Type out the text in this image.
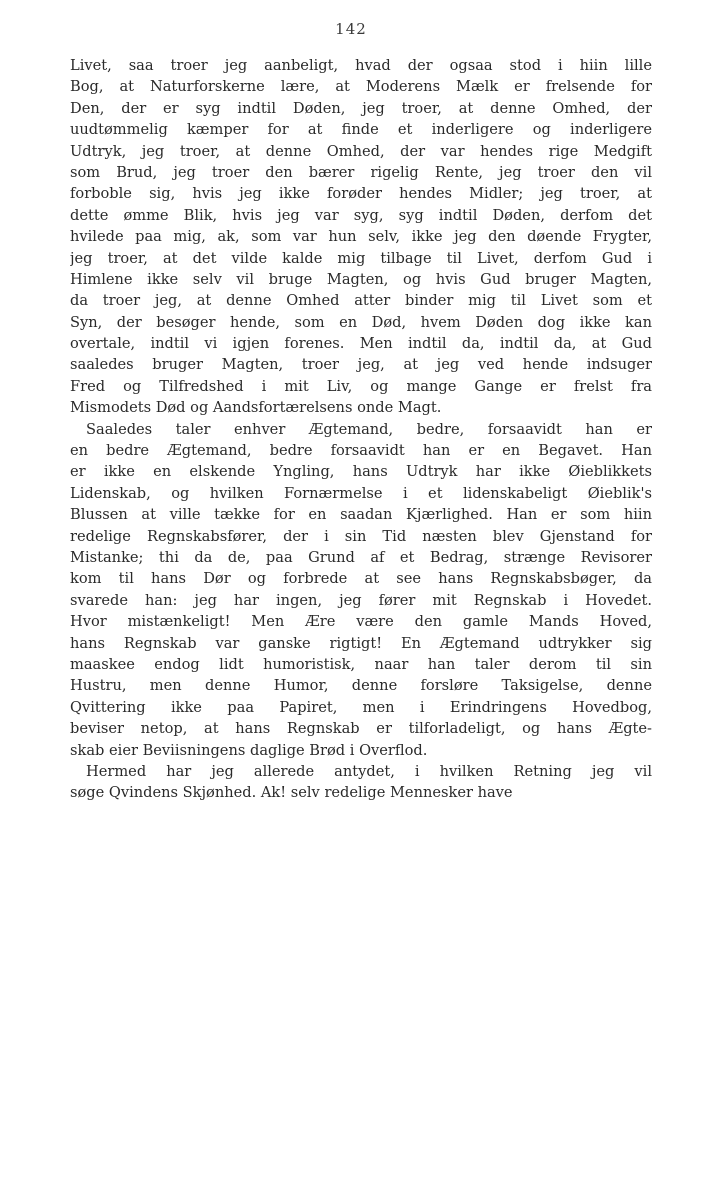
142
Livet, saa troer jeg aanbeligt, hvad der ogsaa stod i hiin lille
Bog, at Naturforskerne lære, at Moderens Mælk er frelsende for
Den, der er syg indtil Døden, jeg troer, at denne Omhed, der
uudtømmelig kæmper for at finde et inderligere og inderligere
Udtryk, jeg troer, at denne Omhed, der var hendes rige Medgift
som Brud, jeg troer den bærer rigelig Rente, jeg troer den vil
forboble sig, hvis jeg ikke forøder hendes Midler; jeg troer, at
dette ømme Blik, hvis jeg var syg, syg indtil Døden, derfom det
hvilede paa mig, ak, som var hun selv, ikke jeg den døende Frygter,
jeg troer, at det vilde kalde mig tilbage til Livet, derfom Gud i
Himlene ikke selv vil bruge Magten, og hvis Gud bruger Magten,
da troer jeg, at denne Omhed atter binder mig til Livet som et
Syn, der besøger hende, som en Død, hvem Døden dog ikke kan
overtale, indtil vi igjen forenes. Men indtil da, indtil da, at Gud
saaledes bruger Magten, troer jeg, at jeg ved hende indsuger
Fred og Tilfredshed i mit Liv, og mange Gange er frelst fra
Mismodets Død og Aandsfortærelsens onde Magt.
Saaledes taler enhver Ægtemand, bedre, forsaavidt han er
en bedre Ægtemand, bedre forsaavidt han er en Begavet. Han
er ikke en elskende Yngling, hans Udtryk har ikke Øieblikkets
Lidenskab, og hvilken Fornærmelse i et lidenskabeligt Øieblik's
Blussen at ville tække for en saadan Kjærlighed. Han er som hiin
redelige Regnskabsfører, der i sin Tid næsten blev Gjenstand for
Mistanke; thi da de, paa Grund af et Bedrag, strænge Revisorer
kom til hans Dør og forbrede at see hans Regnskabsbøger, da
svarede han: jeg har ingen, jeg fører mit Regnskab i Hovedet.
Hvor mistænkeligt! Men Ære være den gamle Mands Hoved,
hans Regnskab var ganske rigtigt! En Ægtemand udtrykker sig
maaskee endog lidt humoristisk, naar han taler derom til sin
Hustru, men denne Humor, denne forsløre Taksigelse, denne
Qvittering ikke paa Papiret, men i Erindringens Hovedbog,
beviser netop, at hans Regnskab er tilforladeligt, og hans Ægte-
skab eier Beviisningens daglige Brød i Overflod.
Hermed har jeg allerede antydet, i hvilken Retning jeg vil
søge Qvindens Skjønhed. Ak! selv redelige Mennesker have
